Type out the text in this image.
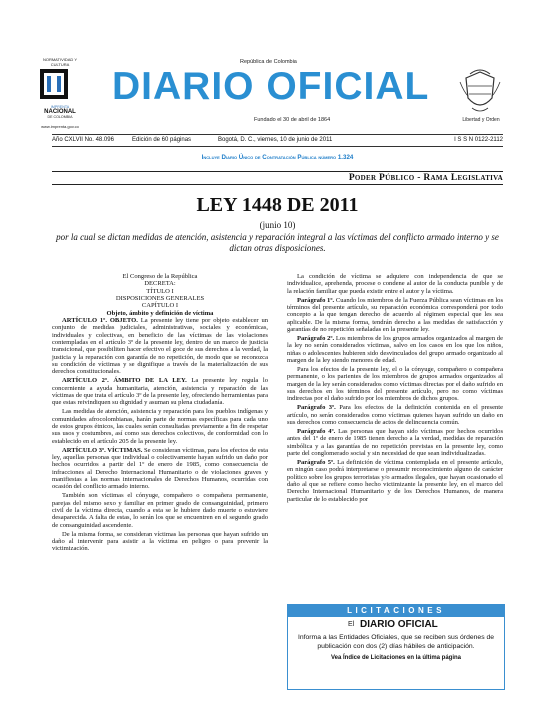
NORMATIVIDAD Y CULTURA
IMPRENTA
NACIONAL
DE COLOMBIA
www.imprenta.gov.co
República de Colombia
DIARIO OFICIAL
Fundado el 30 de abril de 1864	Libertad y Orden
Año CXLVII No. 48.096	Edición de 60 páginas	Bogotá, D. C., viernes, 10 de junio de 2011	I S S N 0122-2112
Incluye Diario Único de Contratación Pública número 1.324
Poder Público - Rama Legislativa
LEY 1448 DE 2011
(junio 10)
por la cual se dictan medidas de atención, asistencia y reparación integral a las víctimas del conflicto armado interno y se dictan otras disposiciones.

El Congreso de la República

DECRETA:

TÍTULO I

DISPOSICIONES GENERALES

CAPÍTULO I

Objeto, ámbito y definición de víctima

ARTÍCULO 1º. OBJETO. La presente ley tiene por objeto establecer un conjunto de medidas judiciales, administrativas, sociales y económicas, individuales y colectivas, en beneficio de las víctimas de las violaciones contempladas en el artículo 3º de la presente ley, dentro de un marco de justicia transicional, que posibiliten hacer efectivo el goce de sus derechos a la verdad, la justicia y la reparación con garantía de no repetición, de modo que se reconozca su condición de víctimas y se dignifique a través de la materialización de sus derechos constitucionales.

ARTÍCULO 2º. ÁMBITO DE LA LEY. La presente ley regula lo concerniente a ayuda humanitaria, atención, asistencia y reparación de las víctimas de que trata el artículo 3º de la presente ley, ofreciendo herramientas para que estas reivindiquen su dignidad y asuman su plena ciudadanía.

Las medidas de atención, asistencia y reparación para los pueblos indígenas y comunidades afrocolombianas, harán parte de normas específicas para cada uno de estos grupos étnicos, las cuales serán consultadas previamente a fin de respetar sus usos y costumbres, así como sus derechos colectivos, de conformidad con lo establecido en el artículo 205 de la presente ley.

ARTÍCULO 3º. VÍCTIMAS. Se consideran víctimas, para los efectos de esta ley, aquellas personas que individual o colectivamente hayan sufrido un daño por hechos ocurridos a partir del 1º de enero de 1985, como consecuencia de infracciones al Derecho Internacional Humanitario o de violaciones graves y manifiestas a las normas internacionales de Derechos Humanos, ocurridas con ocasión del conflicto armado interno.

También son víctimas el cónyuge, compañero o compañera permanente, parejas del mismo sexo y familiar en primer grado de consanguinidad, primero civil de la víctima directa, cuando a esta se le hubiere dado muerte o estuviere desaparecida. A falta de estas, lo serán los que se encuentren en el segundo grado de consanguinidad ascendente.

De la misma forma, se consideran víctimas las personas que hayan sufrido un daño al intervenir para asistir a la víctima en peligro o para prevenir la victimización.

La condición de víctima se adquiere con independencia de que se individualice, aprehenda, procese o condene al autor de la conducta punible y de la relación familiar que pueda existir entre el autor y la víctima.

Parágrafo 1º. Cuando los miembros de la Fuerza Pública sean víctimas en los términos del presente artículo, su reparación económica corresponderá por todo concepto a la que tengan derecho de acuerdo al régimen especial que les sea aplicable. De la misma forma, tendrán derecho a las medidas de satisfacción y garantías de no repetición señaladas en la presente ley.

Parágrafo 2º. Los miembros de los grupos armados organizados al margen de la ley no serán considerados víctimas, salvo en los casos en los que los niños, niñas o adolescentes hubieren sido desvinculados del grupo armado organizado al margen de la ley siendo menores de edad.

Para los efectos de la presente ley, el o la cónyuge, compañero o compañera permanente, o los parientes de los miembros de grupos armados organizados al margen de la ley serán considerados como víctimas directas por el daño sufrido en sus derechos en los términos del presente artículo, pero no como víctimas indirectas por el daño sufrido por los miembros de dichos grupos.

Parágrafo 3º. Para los efectos de la definición contenida en el presente artículo, no serán considerados como víctimas quienes hayan sufrido un daño en sus derechos como consecuencia de actos de delincuencia común.

Parágrafo 4º. Las personas que hayan sido víctimas por hechos ocurridos antes del 1º de enero de 1985 tienen derecho a la verdad, medidas de reparación simbólica y a las garantías de no repetición previstas en la presente ley, como parte del conglomerado social y sin necesidad de que sean individualizadas.

Parágrafo 5º. La definición de víctima contemplada en el presente artículo, en ningún caso podrá interpretarse o presumir reconocimiento alguno de carácter político sobre los grupos terroristas y/o armados ilegales, que hayan ocasionado el daño al que se refiere como hecho victimizante la presente ley, en el marco del Derecho Internacional Humanitario y de los Derechos Humanos, de manera particular de lo establecido por

LICITACIONES
El DIARIO OFICIAL
Informa a las Entidades Oficiales, que se reciben sus órdenes de publicación con dos (2) días hábiles de anticipación.
Vea Índice de Licitaciones en la última página
